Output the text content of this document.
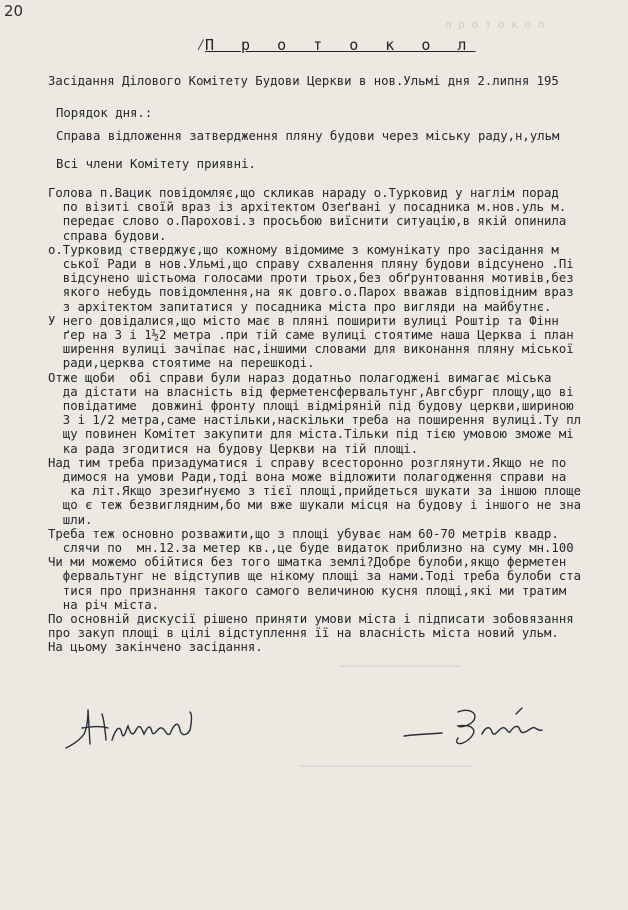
20
⁄ П р о т о к о л
Засідання Ділового Комітету Будови Церкви в нов.Ульмі дня 2.липня 195
Порядок дня.:
Справа відложення затвердження пляну будови через міську раду,н,ульм
Всі члени Комітету приявні.
Голова п.Вацик повідомляє,що скликав нараду о.Турковид у наглім порад
по візиті своїй враз із архітектом Озеґвані у посадника м.нов.уль м.
передає слово о.Пароховi.з просьбою виїснити ситуацію,в якій опинила
справа будови.
о.Турковид стверджує,що кожному відомиме з комунікату про засідання м
ської Ради в нов.Ульмі,що справу схвалення пляну будови відсунено .Пі
відсунено шістьома голосами проти трьох,без обґрунтовання мотивів,без
якого небудь повідомлення,на як довго.о.Парох вважав відповідним враз
з архітектом запитатися у посадника міста про вигляди на майбутнє.
У него довідалися,що місто має в пляні поширити вулиці Роштір та Фінн
ґер на 3 і 1½2 метра .при тій саме вулиці стоятиме наша Церква і план
ширення вулиці зачіпає нас,іншими словами для виконання пляну міської
ради,церква стоятиме на перешкоді.
Отже щоби  обі справи були нараз додатньо полагоджені вимагає міська
да дістати на власність від ферметенсфервальтунг,Авгсбург площу,що ві
повідатиме  довжині фронту площі відміряній під будову церкви,шириною
3 і 1/2 метра,саме настільки,наскільки треба на поширення вулиці.Ту пл
щу повинен Комітет закупити для міста.Тільки під тією умовою зможе мі
ка рада згодитися на будову Церкви на тій площі.
Над тим треба призадуматися і справу всесторонно розглянути.Якщо не по
димося на умови Ради,тоді вона може відложити полагодження справи на
ка літ.Якщо зрезиґнуємо з тієї площі,прийдеться шукати за іншою площе
що є теж безвиглядним,бо ми вже шукали місця на будову і іншого не зна
шли.
Треба теж основно розважити,що з площі убуває нам 60-70 метрів квадр.
слячи по  мн.12.за метер кв.,це буде видаток приблизно на суму мн.100
Чи ми можемо обійтися без того шматка землі?Добре булоби,якщо ферметен
фервальтунг не відступив ще нікому площі за нами.Тоді треба булоби ста
тися про признання такого самого величиною кусня площі,які ми тратим
на річ міста.
По основній дискусії рішено приняти умови міста і підписати зобовязання
про закуп площі в цілі відступлення її на власність міста новий ульм.
На цьому закінчено засідання.
п р о т о к о л
──────────────────
──────────────────────────
